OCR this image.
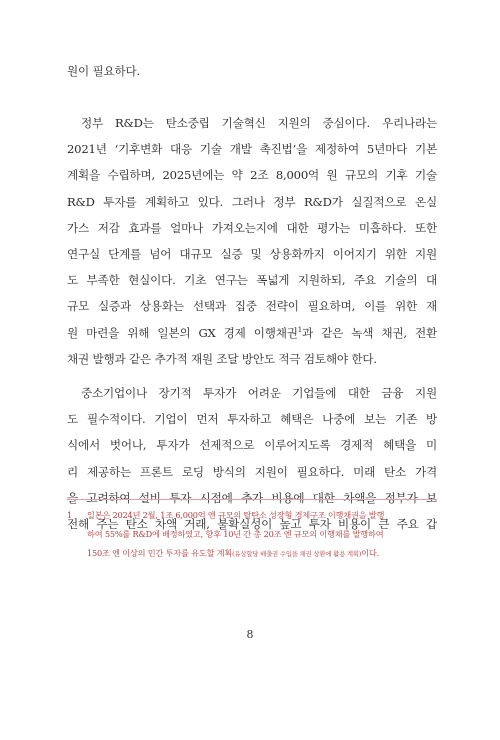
원이 필요하다.

정부 R&D는 탄소중립 기술혁신 지원의 중심이다. 우리나라는
2021년 ‘기후변화 대응 기술 개발 촉진법’을 제정하여 5년마다 기본
계획을 수립하며, 2025년에는 약 2조 8,000억 원 규모의 기후 기술
R&D 투자를 계획하고 있다. 그러나 정부 R&D가 실질적으로 온실
가스 저감 효과를 얼마나 가져오는지에 대한 평가는 미흡하다. 또한
연구실 단계를 넘어 대규모 실증 및 상용화까지 이어지기 위한 지원
도 부족한 현실이다. 기초 연구는 폭넓게 지원하되, 주요 기술의 대
규모 실증과 상용화는 선택과 집중 전략이 필요하며, 이를 위한 재
원 마련을 위해 일본의 GX 경제 이행채권$^1$과 같은 녹색 채권, 전환
채권 발행과 같은 추가적 재원 조달 방안도 적극 검토해야 한다.

중소기업이나 장기적 투자가 어려운 기업들에 대한 금융 지원
도 필수적이다. 기업이 먼저 투자하고 혜택은 나중에 보는 기존 방
식에서 벗어나, 투자가 선제적으로 이루어지도록 경제적 혜택을 미
리 제공하는 프론트 로딩 방식의 지원이 필요하다. 미래 탄소 가격
을 고려하여 설비 투자 시점에 추가 비용에 대한 차액을 정부가 보
전해 주는 탄소 차액 거래, 불확실성이 높고 투자 비용이 큰 주요 갑

1 일본은 2024년 2월, 1조 6,000억 엔 규모의 탈탄소 성장형 경제구조 이행채권을 발행
하여 55%를 R&D에 배정하였고, 향후 10년 간 총 20조 엔 규모의 이행채를 발행하여
150조 엔 이상의 민간 투자를 유도할 계획(유상할당 배출권 수입을 채권 상환에 활용 계획)이다.
8
